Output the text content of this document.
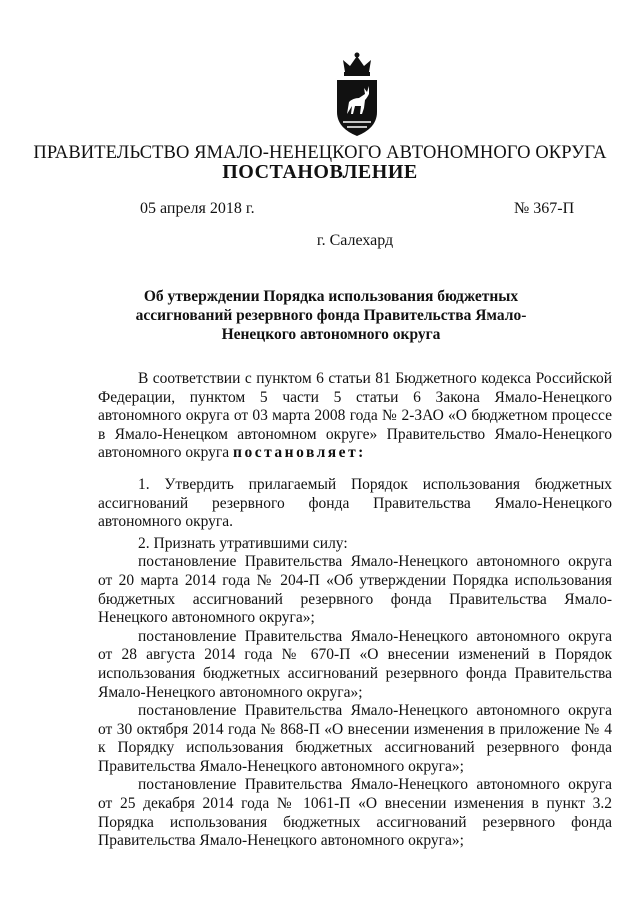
ПРАВИТЕЛЬСТВО ЯМАЛО-НЕНЕЦКОГО АВТОНОМНОГО ОКРУГА
ПОСТАНОВЛЕНИЕ
05 апреля 2018 г.	№ 367-П
г. Салехард
Об утверждении Порядка использования бюджетных ассигнований резервного фонда Правительства Ямало-Ненецкого автономного округа

В соответствии с пунктом 6 статьи 81 Бюджетного кодекса Российской Федерации, пунктом 5 части 5 статьи 6 Закона Ямало-Ненецкого автономного округа от 03 марта 2008 года № 2-ЗАО «О бюджетном процессе в Ямало-Ненецком автономном округе» Правительство Ямало-Ненецкого автономного округа постановляет:

1. Утвердить прилагаемый Порядок использования бюджетных ассигнований резервного фонда Правительства Ямало-Ненецкого автономного округа.

2. Признать утратившими силу:

постановление Правительства Ямало-Ненецкого автономного округа от 20 марта 2014 года № 204-П «Об утверждении Порядка использования бюджетных ассигнований резервного фонда Правительства Ямало-Ненецкого автономного округа»;

постановление Правительства Ямало-Ненецкого автономного округа от 28 августа 2014 года № 670-П «О внесении изменений в Порядок использования бюджетных ассигнований резервного фонда Правительства Ямало-Ненецкого автономного округа»;

постановление Правительства Ямало-Ненецкого автономного округа от 30 октября 2014 года № 868-П «О внесении изменения в приложение № 4 к Порядку использования бюджетных ассигнований резервного фонда Правительства Ямало-Ненецкого автономного округа»;

постановление Правительства Ямало-Ненецкого автономного округа от 25 декабря 2014 года № 1061-П «О внесении изменения в пункт 3.2 Порядка использования бюджетных ассигнований резервного фонда Правительства Ямало-Ненецкого автономного округа»;
